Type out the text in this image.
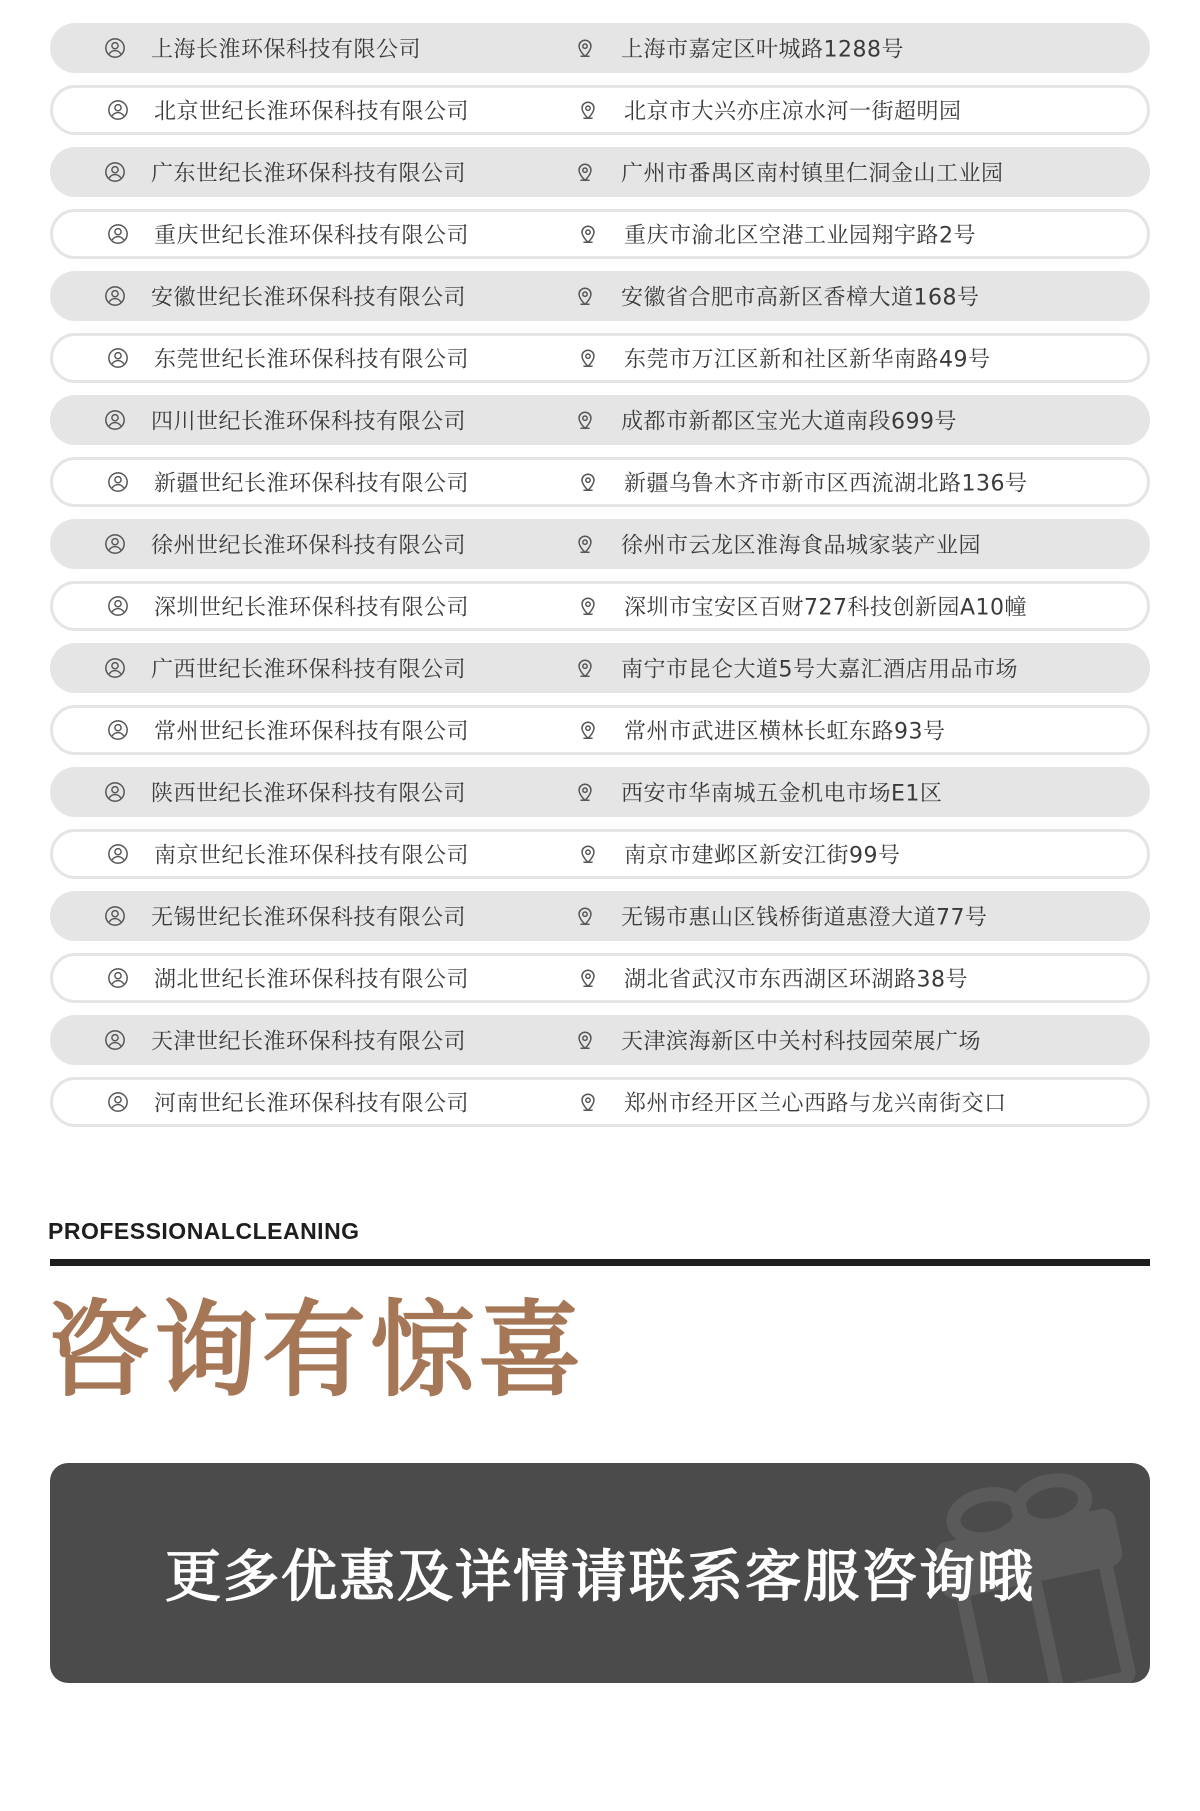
上海长淮环保科技有限公司	上海市嘉定区叶城路1288号
北京世纪长淮环保科技有限公司	北京市大兴亦庄凉水河一街超明园
广东世纪长淮环保科技有限公司	广州市番禺区南村镇里仁洞金山工业园
重庆世纪长淮环保科技有限公司	重庆市渝北区空港工业园翔宇路2号
安徽世纪长淮环保科技有限公司	安徽省合肥市高新区香樟大道168号
东莞世纪长淮环保科技有限公司	东莞市万江区新和社区新华南路49号
四川世纪长淮环保科技有限公司	成都市新都区宝光大道南段699号
新疆世纪长淮环保科技有限公司	新疆乌鲁木齐市新市区西流湖北路136号
徐州世纪长淮环保科技有限公司	徐州市云龙区淮海食品城家装产业园
深圳世纪长淮环保科技有限公司	深圳市宝安区百财727科技创新园A10幢
广西世纪长淮环保科技有限公司	南宁市昆仑大道5号大嘉汇酒店用品市场
常州世纪长淮环保科技有限公司	常州市武进区横林长虹东路93号
陕西世纪长淮环保科技有限公司	西安市华南城五金机电市场E1区
南京世纪长淮环保科技有限公司	南京市建邺区新安江街99号
无锡世纪长淮环保科技有限公司	无锡市惠山区钱桥街道惠澄大道77号
湖北世纪长淮环保科技有限公司	湖北省武汉市东西湖区环湖路38号
天津世纪长淮环保科技有限公司	天津滨海新区中关村科技园荣展广场
河南世纪长淮环保科技有限公司	郑州市经开区兰心西路与龙兴南街交口
PROFESSIONALCLEANING
咨询有惊喜
更多优惠及详情请联系客服咨询哦
